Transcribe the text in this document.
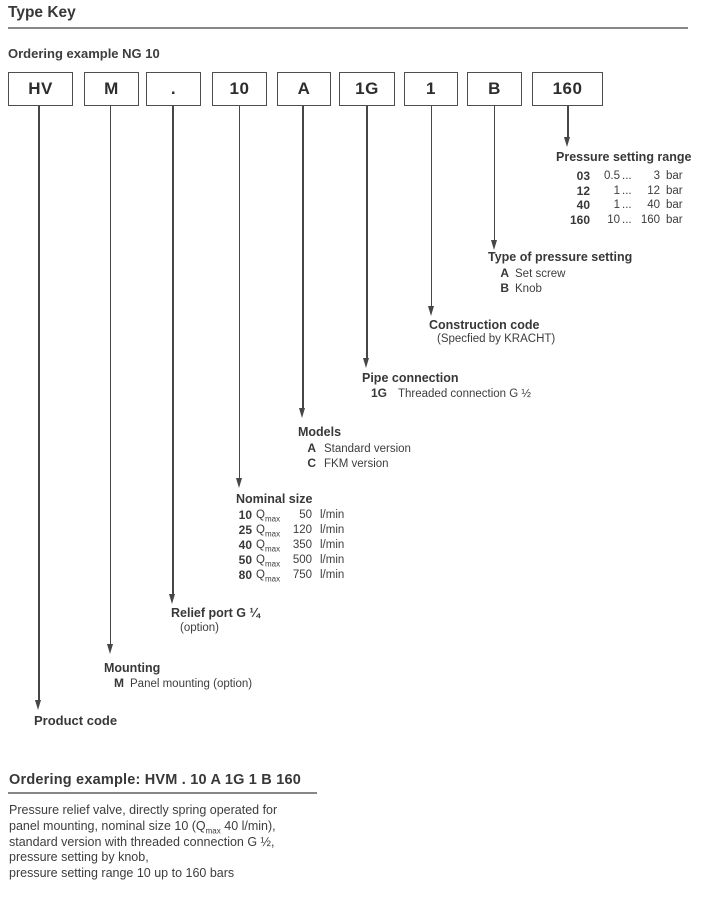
Type Key
Ordering example NG 10
HV	M	.	10	A	1G	1	B	160
Pressure setting range
03	0.5 ...	3 bar
12	1 ...	12 bar
40	1 ...	40 bar
160	10 ... 160 bar
Type of pressure setting
A Set screw
B Knob
Construction code
(Specfied by KRACHT)
Pipe connection
1G Threaded connection G ½
Models
A Standard version
C FKM version
Nominal size
10 $Q_{max}$	50 l/min
25 $Q_{max}$	120 l/min
40 $Q_{max}$	350 l/min
50 $Q_{max}$	500 l/min
80 $Q_{max}$	750 l/min
Relief port G ¼
(option)
Mounting
M Panel mounting (option)
Product code
Ordering example: HVM . 10 A 1G 1 B 160
Pressure relief valve, directly spring operated for
panel mounting, nominal size 10 ($Q_{max}$ 40 l/min),
standard version with threaded connection G ½,
pressure setting by knob,
pressure setting range 10 up to 160 bars
